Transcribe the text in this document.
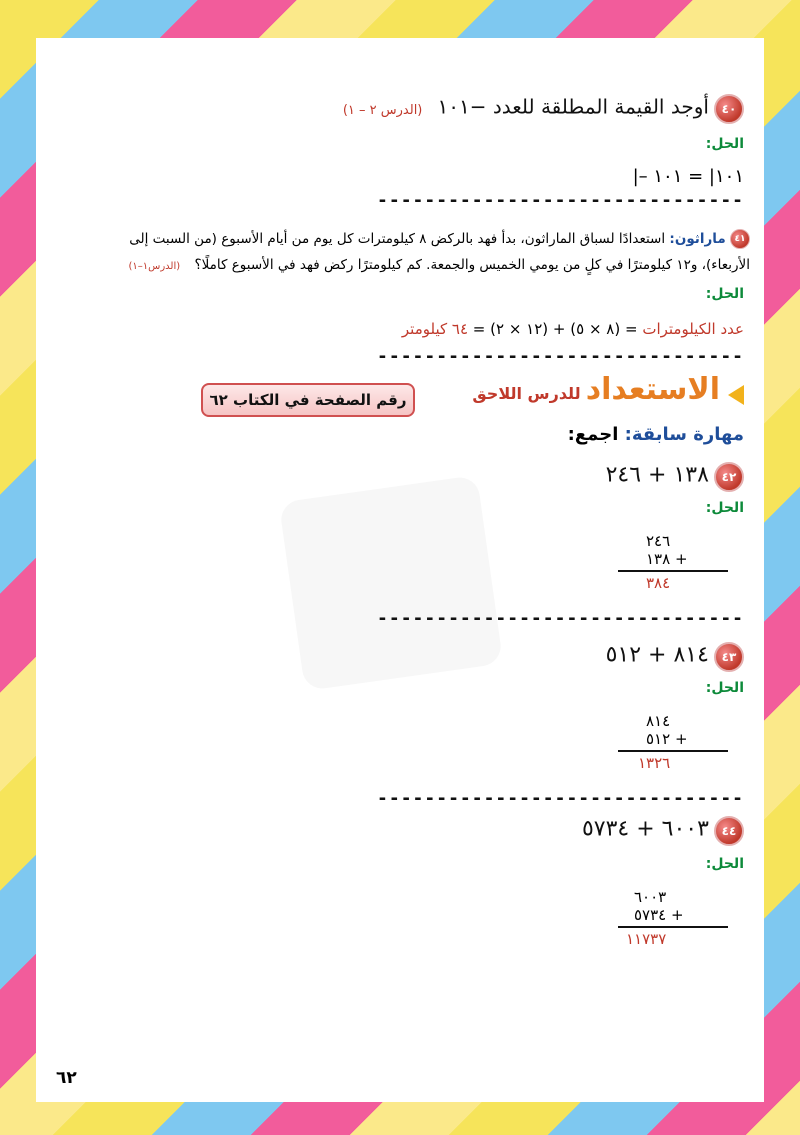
٤٠ أوجد القيمة المطلقة للعدد −١٠١ (الدرس ٢ – ١)
الحل:
|– ١٠١| = ١٠١
-------------------------------
٤١ ماراثون: استعدادًا لسباق الماراثون، بدأ فهد بالركض ٨ كيلومترات كل يوم من أيام الأسبوع (من السبت إلى
الأربعاء)، و١٢ كيلومترًا في كلٍ من يومي الخميس والجمعة. كم كيلومترًا ركض فهد في الأسبوع كاملًا؟ (الدرس١–١)
الحل:
عدد الكيلومترات = (٨ × ٥) + (١٢ × ٢) = ٦٤ كيلومتر
-------------------------------
الاستعداد للدرس اللاحق
رقم الصفحة في الكتاب ٦٢
مهارة سابقة: اجمع:
٤٢ ١٣٨ + ٢٤٦
الحل:
٢٤٦
١٣٨ +
٣٨٤
-------------------------------
٤٣ ٨١٤ + ٥١٢
الحل:
٨١٤
٥١٢ +
١٣٢٦
-------------------------------
٤٤ ٦٠٠٣ + ٥٧٣٤
الحل:
٦٠٠٣
٥٧٣٤ +
١١٧٣٧
٦٢
